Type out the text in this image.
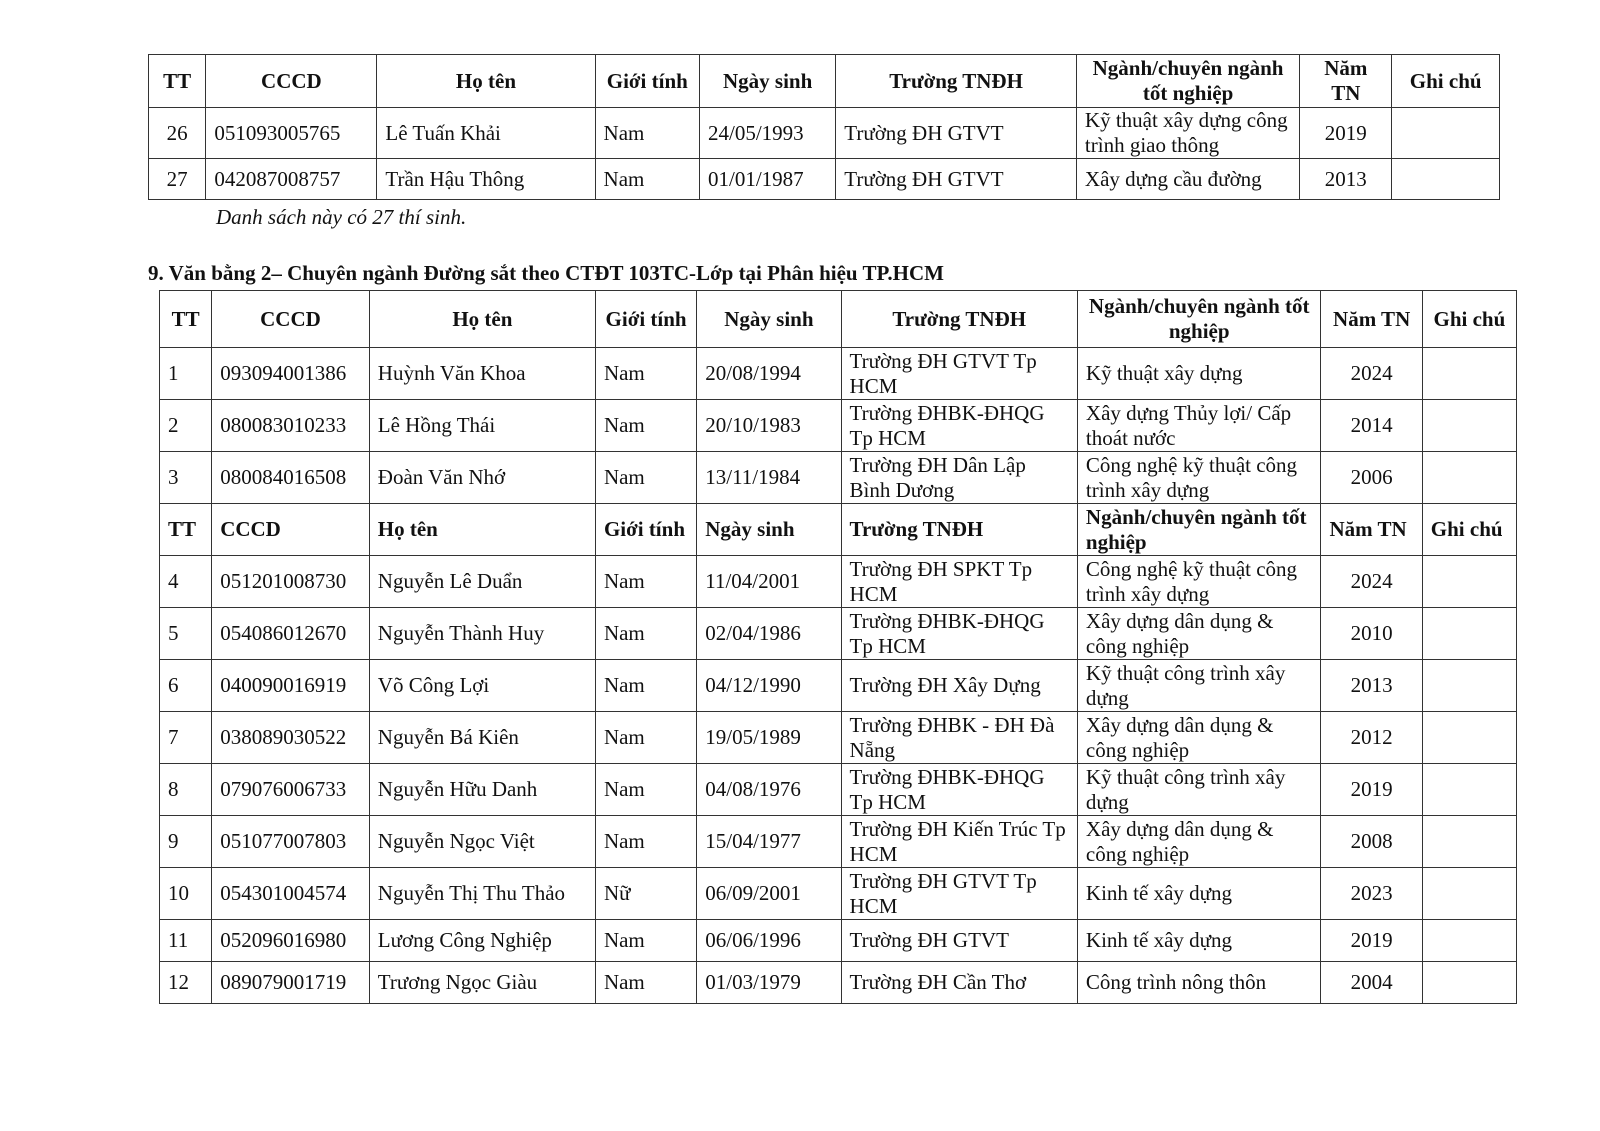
TT	CCCD	Họ tên	Giới tính	Ngày sinh	Trường TNĐH	Ngành/chuyên ngành tốt nghiệp	Năm TN	Ghi chú
26	051093005765	Lê Tuấn Khải	Nam	24/05/1993	Trường ĐH GTVT	Kỹ thuật xây dựng công trình giao thông	2019	
27	042087008757	Trần Hậu Thông	Nam	01/01/1987	Trường ĐH GTVT	Xây dựng cầu đường	2013	
Danh sách này có 27 thí sinh.
9. Văn bằng 2– Chuyên ngành Đường sắt theo CTĐT 103TC-Lớp tại Phân hiệu TP.HCM
TT	CCCD	Họ tên	Giới tính	Ngày sinh	Trường TNĐH	Ngành/chuyên ngành tốt nghiệp	Năm TN	Ghi chú
1	093094001386	Huỳnh Văn Khoa	Nam	20/08/1994	Trường ĐH GTVT Tp HCM	Kỹ thuật xây dựng	2024	
2	080083010233	Lê Hồng Thái	Nam	20/10/1983	Trường ĐHBK-ĐHQG Tp HCM	Xây dựng Thủy lợi/ Cấp thoát nước	2014	
3	080084016508	Đoàn Văn Nhớ	Nam	13/11/1984	Trường ĐH Dân Lập Bình Dương	Công nghệ kỹ thuật công trình xây dựng	2006	
TT	CCCD	Họ tên	Giới tính	Ngày sinh	Trường TNĐH	Ngành/chuyên ngành tốt nghiệp	Năm TN	Ghi chú
4	051201008730	Nguyễn Lê Duẩn	Nam	11/04/2001	Trường ĐH SPKT Tp HCM	Công nghệ kỹ thuật công trình xây dựng	2024	
5	054086012670	Nguyễn Thành Huy	Nam	02/04/1986	Trường ĐHBK-ĐHQG Tp HCM	Xây dựng dân dụng & công nghiệp	2010	
6	040090016919	Võ Công Lợi	Nam	04/12/1990	Trường ĐH Xây Dựng	Kỹ thuật công trình xây dựng	2013	
7	038089030522	Nguyễn Bá Kiên	Nam	19/05/1989	Trường ĐHBK - ĐH Đà Nẵng	Xây dựng dân dụng & công nghiệp	2012	
8	079076006733	Nguyễn Hữu Danh	Nam	04/08/1976	Trường ĐHBK-ĐHQG Tp HCM	Kỹ thuật công trình xây dựng	2019	
9	051077007803	Nguyễn Ngọc Việt	Nam	15/04/1977	Trường ĐH Kiến Trúc Tp HCM	Xây dựng dân dụng & công nghiệp	2008	
10	054301004574	Nguyễn Thị Thu Thảo	Nữ	06/09/2001	Trường ĐH GTVT Tp HCM	Kinh tế xây dựng	2023	
11	052096016980	Lương Công Nghiệp	Nam	06/06/1996	Trường ĐH GTVT	Kinh tế xây dựng	2019	
12	089079001719	Trương Ngọc Giàu	Nam	01/03/1979	Trường ĐH Cần Thơ	Công trình nông thôn	2004	
